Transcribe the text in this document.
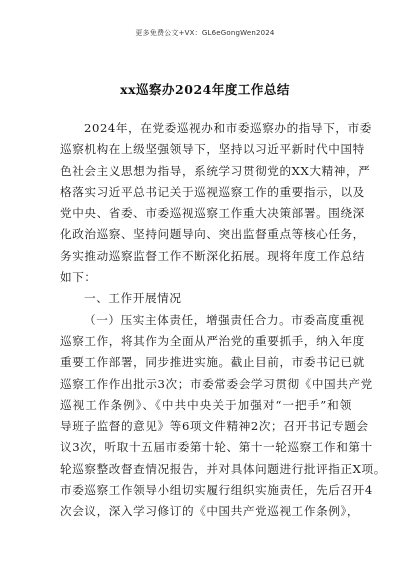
更多免费公文+VX：GL6eGongWen2024
xx巡察办2024年度工作总结
2024年，在党委巡视办和市委巡察办的指导下，市委
巡察机构在上级坚强领导下，坚持以习近平新时代中国特
色社会主义思想为指导，系统学习贯彻党的XX大精神，严
格落实习近平总书记关于巡视巡察工作的重要指示，以及
党中央、省委、市委巡视巡察工作重大决策部署。围绕深
化政治巡察、坚持问题导向、突出监督重点等核心任务，
务实推动巡察监督工作不断深化拓展。现将年度工作总结
如下：
一、工作开展情况
（一）压实主体责任，增强责任合力。市委高度重视
巡察工作，将其作为全面从严治党的重要抓手，纳入年度
重要工作部署，同步推进实施。截止目前，市委书记已就
巡察工作作出批示3次；市委常委会学习贯彻《中国共产党
巡视工作条例》、《中共中央关于加强对“一把手”和领
导班子监督的意见》等6项文件精神2次；召开书记专题会
议3次，听取十五届市委第十轮、第十一轮巡察工作和第十
轮巡察整改督查情况报告，并对具体问题进行批评指正X项。
市委巡察工作领导小组切实履行组织实施责任，先后召开4
次会议，深入学习修订的《中国共产党巡视工作条例》，
